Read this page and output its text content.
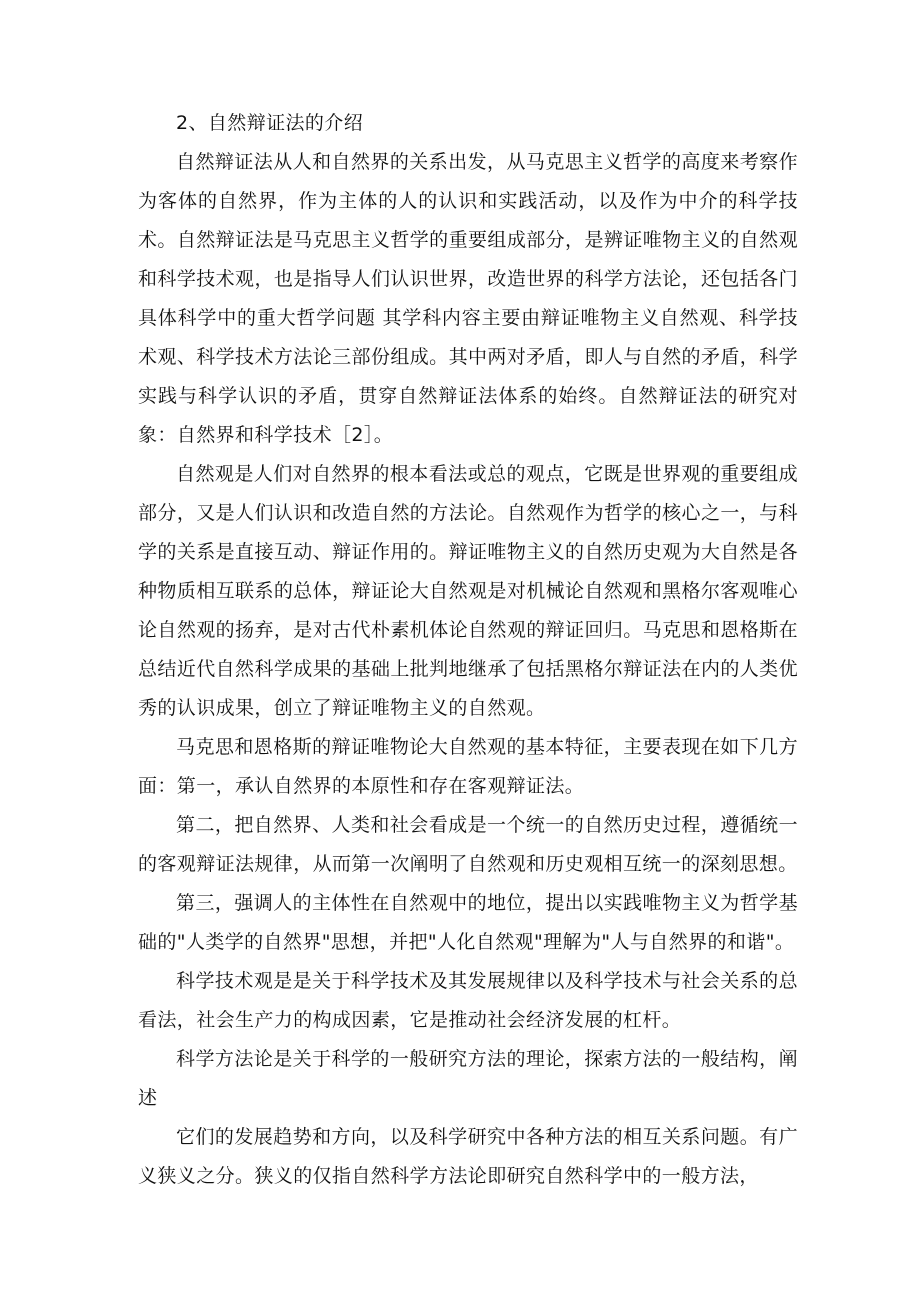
2、自然辩证法的介绍

自然辩证法从人和自然界的关系出发，从马克思主义哲学的高度来考察作为客体的自然界，作为主体的人的认识和实践活动，以及作为中介的科学技术。自然辩证法是马克思主义哲学的重要组成部分，是辨证唯物主义的自然观和科学技术观，也是指导人们认识世界，改造世界的科学方法论，还包括各门具体科学中的重大哲学问题 其学科内容主要由辩证唯物主义自然观、科学技术观、科学技术方法论三部份组成。其中两对矛盾，即人与自然的矛盾，科学实践与科学认识的矛盾，贯穿自然辩证法体系的始终。自然辩证法的研究对象：自然界和科学技术［2］。

自然观是人们对自然界的根本看法或总的观点，它既是世界观的重要组成部分，又是人们认识和改造自然的方法论。自然观作为哲学的核心之一，与科学的关系是直接互动、辩证作用的。辩证唯物主义的自然历史观为大自然是各种物质相互联系的总体，辩证论大自然观是对机械论自然观和黑格尔客观唯心论自然观的扬弃，是对古代朴素机体论自然观的辩证回归。马克思和恩格斯在总结近代自然科学成果的基础上批判地继承了包括黑格尔辩证法在内的人类优秀的认识成果，创立了辩证唯物主义的自然观。

马克思和恩格斯的辩证唯物论大自然观的基本特征，主要表现在如下几方面：第一，承认自然界的本原性和存在客观辩证法。

第二，把自然界、人类和社会看成是一个统一的自然历史过程，遵循统一的客观辩证法规律，从而第一次阐明了自然观和历史观相互统一的深刻思想。

第三，强调人的主体性在自然观中的地位，提出以实践唯物主义为哲学基础的"人类学的自然界"思想，并把"人化自然观"理解为"人与自然界的和谐"。

科学技术观是是关于科学技术及其发展规律以及科学技术与社会关系的总看法，社会生产力的构成因素，它是推动社会经济发展的杠杆。

科学方法论是关于科学的一般研究方法的理论，探索方法的一般结构，阐述

它们的发展趋势和方向，以及科学研究中各种方法的相互关系问题。有广义狭义之分。狭义的仅指自然科学方法论即研究自然科学中的一般方法，
